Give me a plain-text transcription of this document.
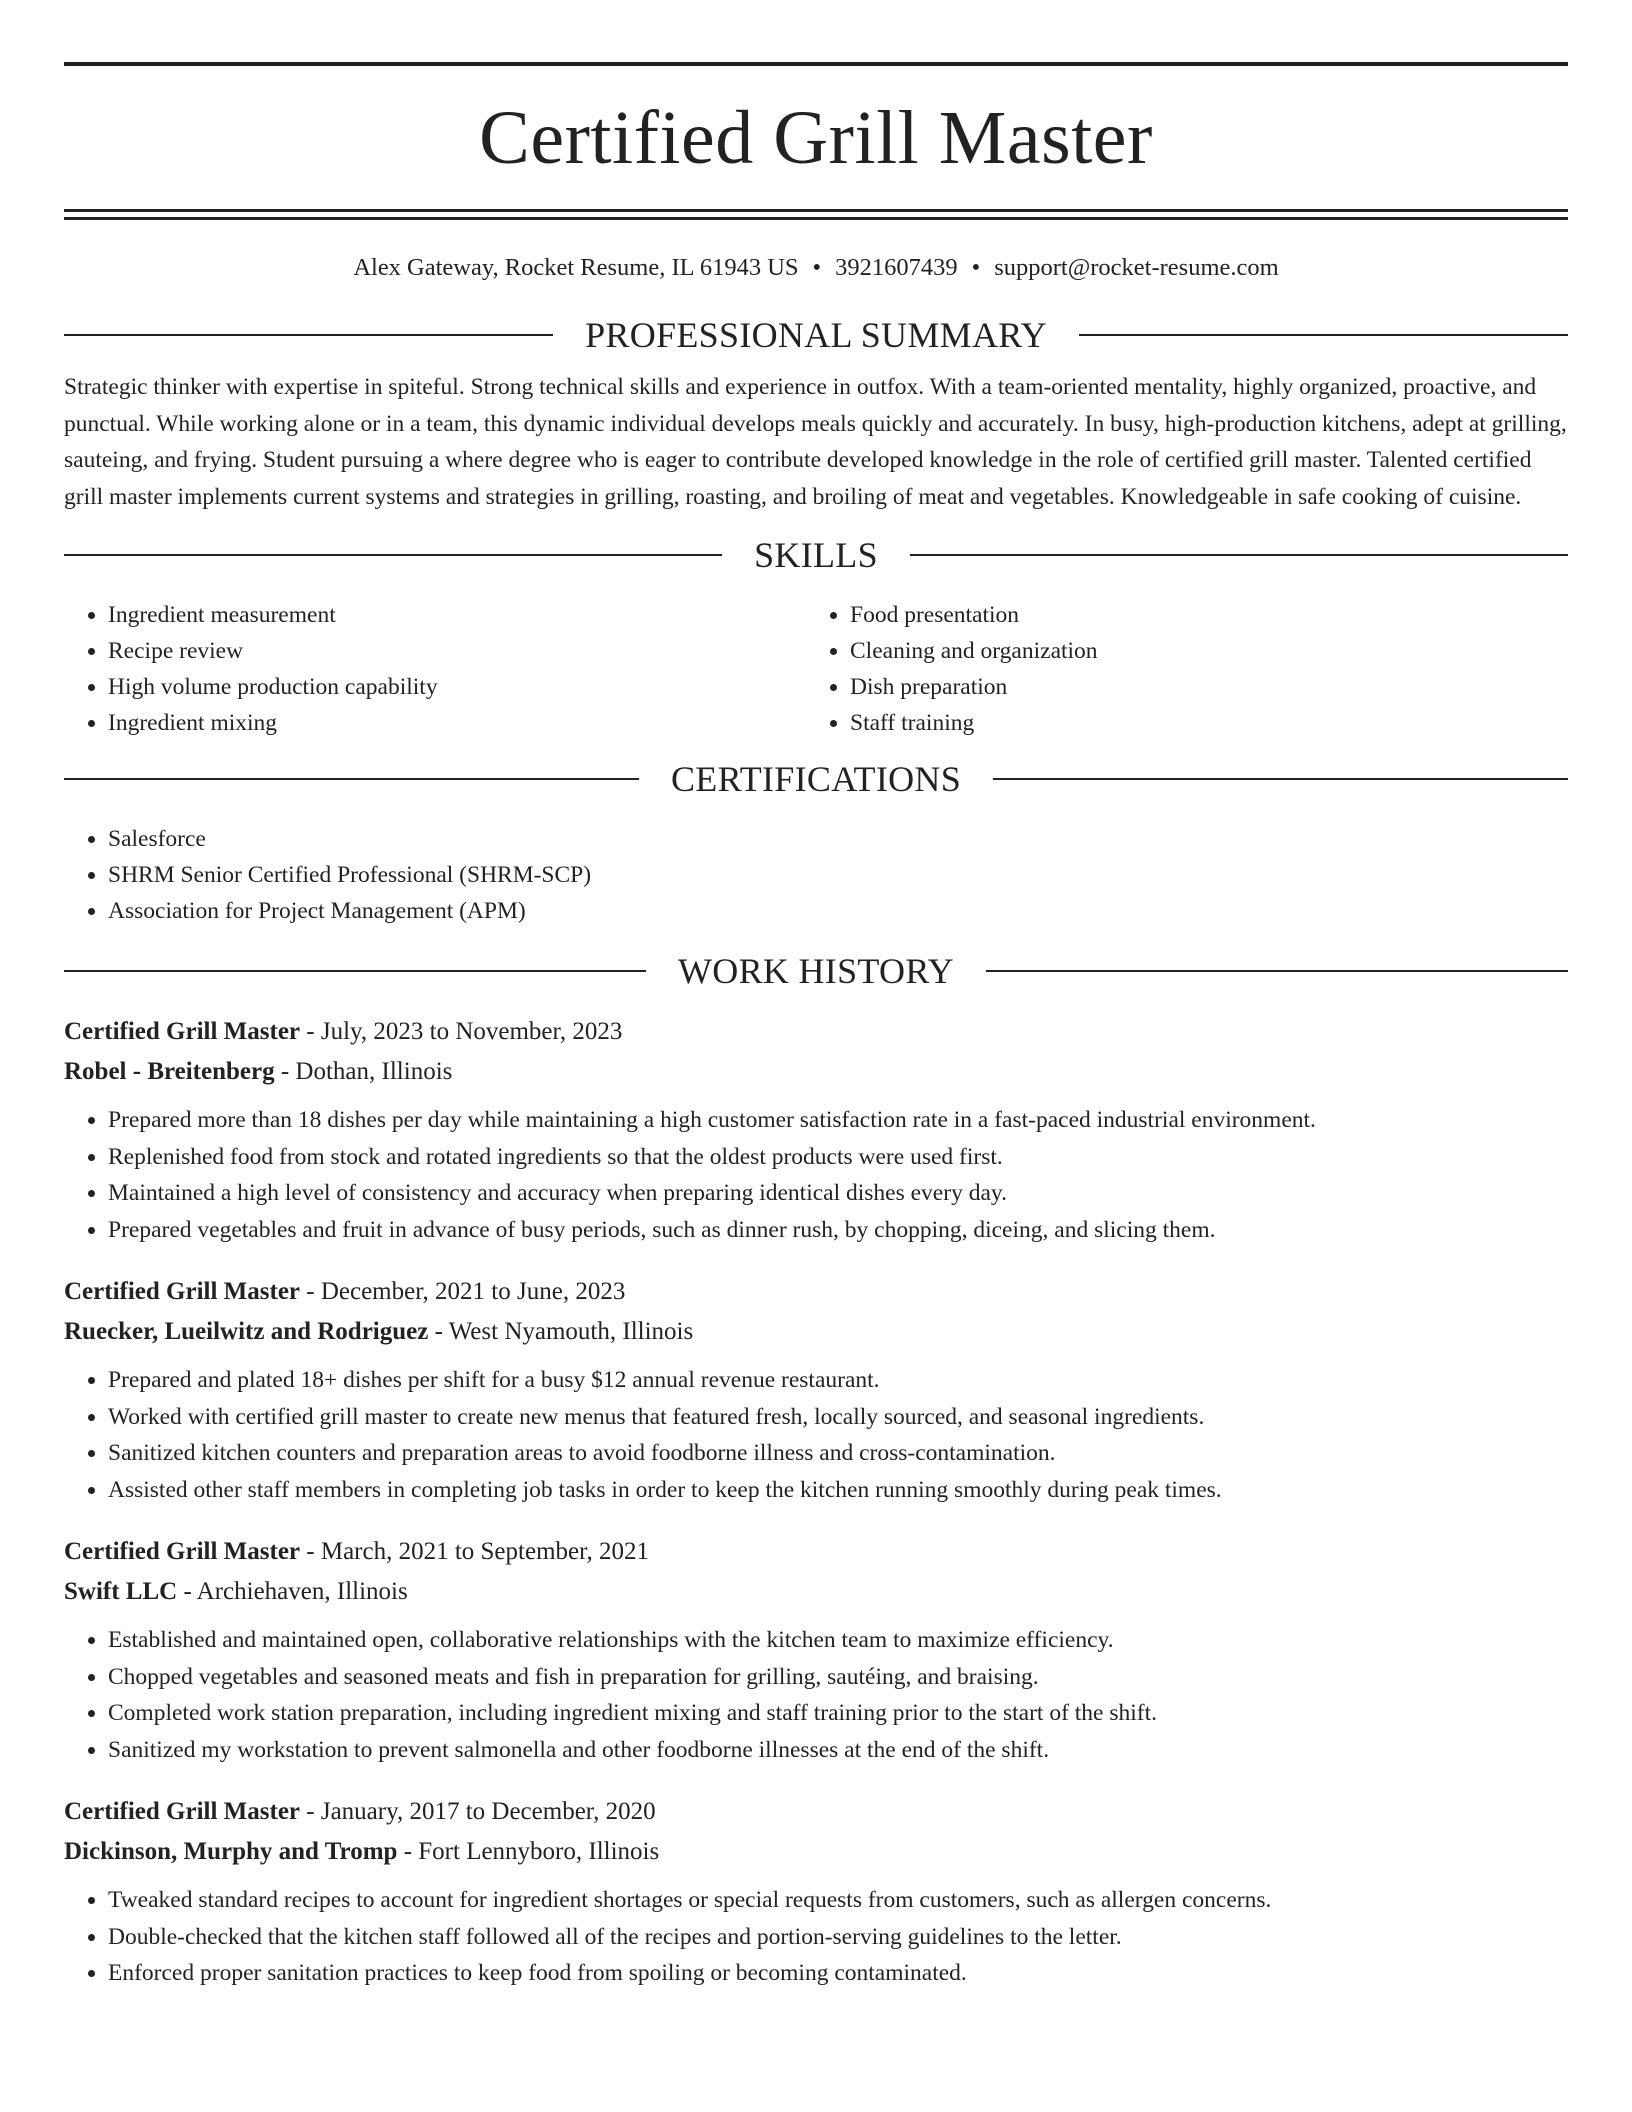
Certified Grill Master
Alex Gateway, Rocket Resume, IL 61943 US • 3921607439 • support@rocket-resume.com
PROFESSIONAL SUMMARY
Strategic thinker with expertise in spiteful. Strong technical skills and experience in outfox. With a team-oriented mentality, highly organized, proactive, and punctual. While working alone or in a team, this dynamic individual develops meals quickly and accurately. In busy, high-production kitchens, adept at grilling, sauteing, and frying. Student pursuing a where degree who is eager to contribute developed knowledge in the role of certified grill master. Talented certified grill master implements current systems and strategies in grilling, roasting, and broiling of meat and vegetables. Knowledgeable in safe cooking of cuisine.
SKILLS
• Ingredient measurement
• Recipe review
• High volume production capability
• Ingredient mixing
• Food presentation
• Cleaning and organization
• Dish preparation
• Staff training
CERTIFICATIONS
• Salesforce
• SHRM Senior Certified Professional (SHRM-SCP)
• Association for Project Management (APM)
WORK HISTORY
Certified Grill Master - July, 2023 to November, 2023
Robel - Breitenberg - Dothan, Illinois
• Prepared more than 18 dishes per day while maintaining a high customer satisfaction rate in a fast-paced industrial environment.
• Replenished food from stock and rotated ingredients so that the oldest products were used first.
• Maintained a high level of consistency and accuracy when preparing identical dishes every day.
• Prepared vegetables and fruit in advance of busy periods, such as dinner rush, by chopping, diceing, and slicing them.
Certified Grill Master - December, 2021 to June, 2023
Ruecker, Lueilwitz and Rodriguez - West Nyamouth, Illinois
• Prepared and plated 18+ dishes per shift for a busy $12 annual revenue restaurant.
• Worked with certified grill master to create new menus that featured fresh, locally sourced, and seasonal ingredients.
• Sanitized kitchen counters and preparation areas to avoid foodborne illness and cross-contamination.
• Assisted other staff members in completing job tasks in order to keep the kitchen running smoothly during peak times.
Certified Grill Master - March, 2021 to September, 2021
Swift LLC - Archiehaven, Illinois
• Established and maintained open, collaborative relationships with the kitchen team to maximize efficiency.
• Chopped vegetables and seasoned meats and fish in preparation for grilling, sautéing, and braising.
• Completed work station preparation, including ingredient mixing and staff training prior to the start of the shift.
• Sanitized my workstation to prevent salmonella and other foodborne illnesses at the end of the shift.
Certified Grill Master - January, 2017 to December, 2020
Dickinson, Murphy and Tromp - Fort Lennyboro, Illinois
• Tweaked standard recipes to account for ingredient shortages or special requests from customers, such as allergen concerns.
• Double-checked that the kitchen staff followed all of the recipes and portion-serving guidelines to the letter.
• Enforced proper sanitation practices to keep food from spoiling or becoming contaminated.
